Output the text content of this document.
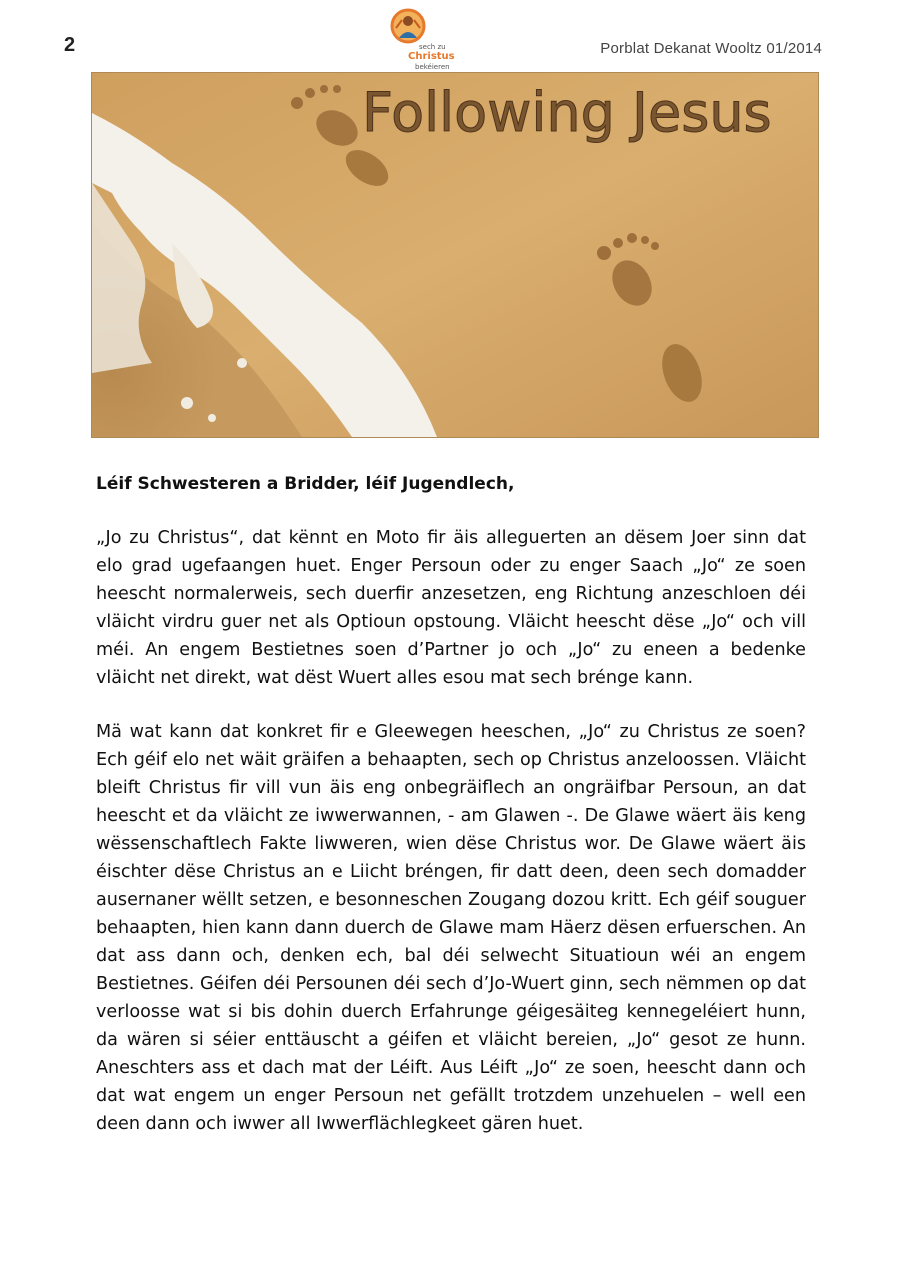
2	Porblat Dekanat Wooltz 01/2014
sech zu
Christus
bekéieren
Following Jesus

Léif Schwesteren a Bridder, léif Jugendlech,

„Jo zu Christus“, dat kënnt en Moto fir äis alleguerten an dësem Joer sinn dat elo grad ugefaangen huet. Enger Persoun oder zu enger Saach „Jo“ ze soen heescht normalerweis, sech duerfir anzesetzen, eng Richtung anzeschloen déi vläicht virdru guer net als Optioun opstoung. Vläicht heescht dëse „Jo“ och vill méi. An engem Bestietnes soen d’Partner jo och „Jo“ zu eneen a bedenke vläicht net direkt, wat dëst Wuert alles esou mat sech brénge kann.

Mä wat kann dat konkret fir e Gleewegen heeschen, „Jo“ zu Christus ze soen? Ech géif elo net wäit gräifen a behaapten, sech op Christus anzeloossen. Vläicht bleift Christus fir vill vun äis eng onbegräiflech an ongräifbar Persoun, an dat heescht et da vläicht ze iwwerwannen, - am Glawen -. De Glawe wäert äis keng wëssenschaftlech Fakte liwweren, wien dëse Christus wor. De Glawe wäert äis éischter dëse Christus an e Liicht bréngen, fir datt deen, deen sech domadder ausernaner wëllt setzen, e besonneschen Zougang dozou kritt. Ech géif souguer behaapten, hien kann dann duerch de Glawe mam Häerz dësen erfuerschen. An dat ass dann och, denken ech, bal déi selwecht Situatioun wéi an engem Bestietnes. Géifen déi Persounen déi sech d’Jo-Wuert ginn, sech nëmmen op dat verloosse wat si bis dohin duerch Erfahrunge géigesäiteg kennegeléiert hunn, da wären si séier enttäuscht a géifen et vläicht bereien, „Jo“ gesot ze hunn. Aneschters ass et dach mat der Léift. Aus Léift „Jo“ ze soen, heescht dann och dat wat engem un enger Persoun net gefällt trotzdem unzehuelen – well een deen dann och iwwer all Iwwerflächlegkeet gären huet.
